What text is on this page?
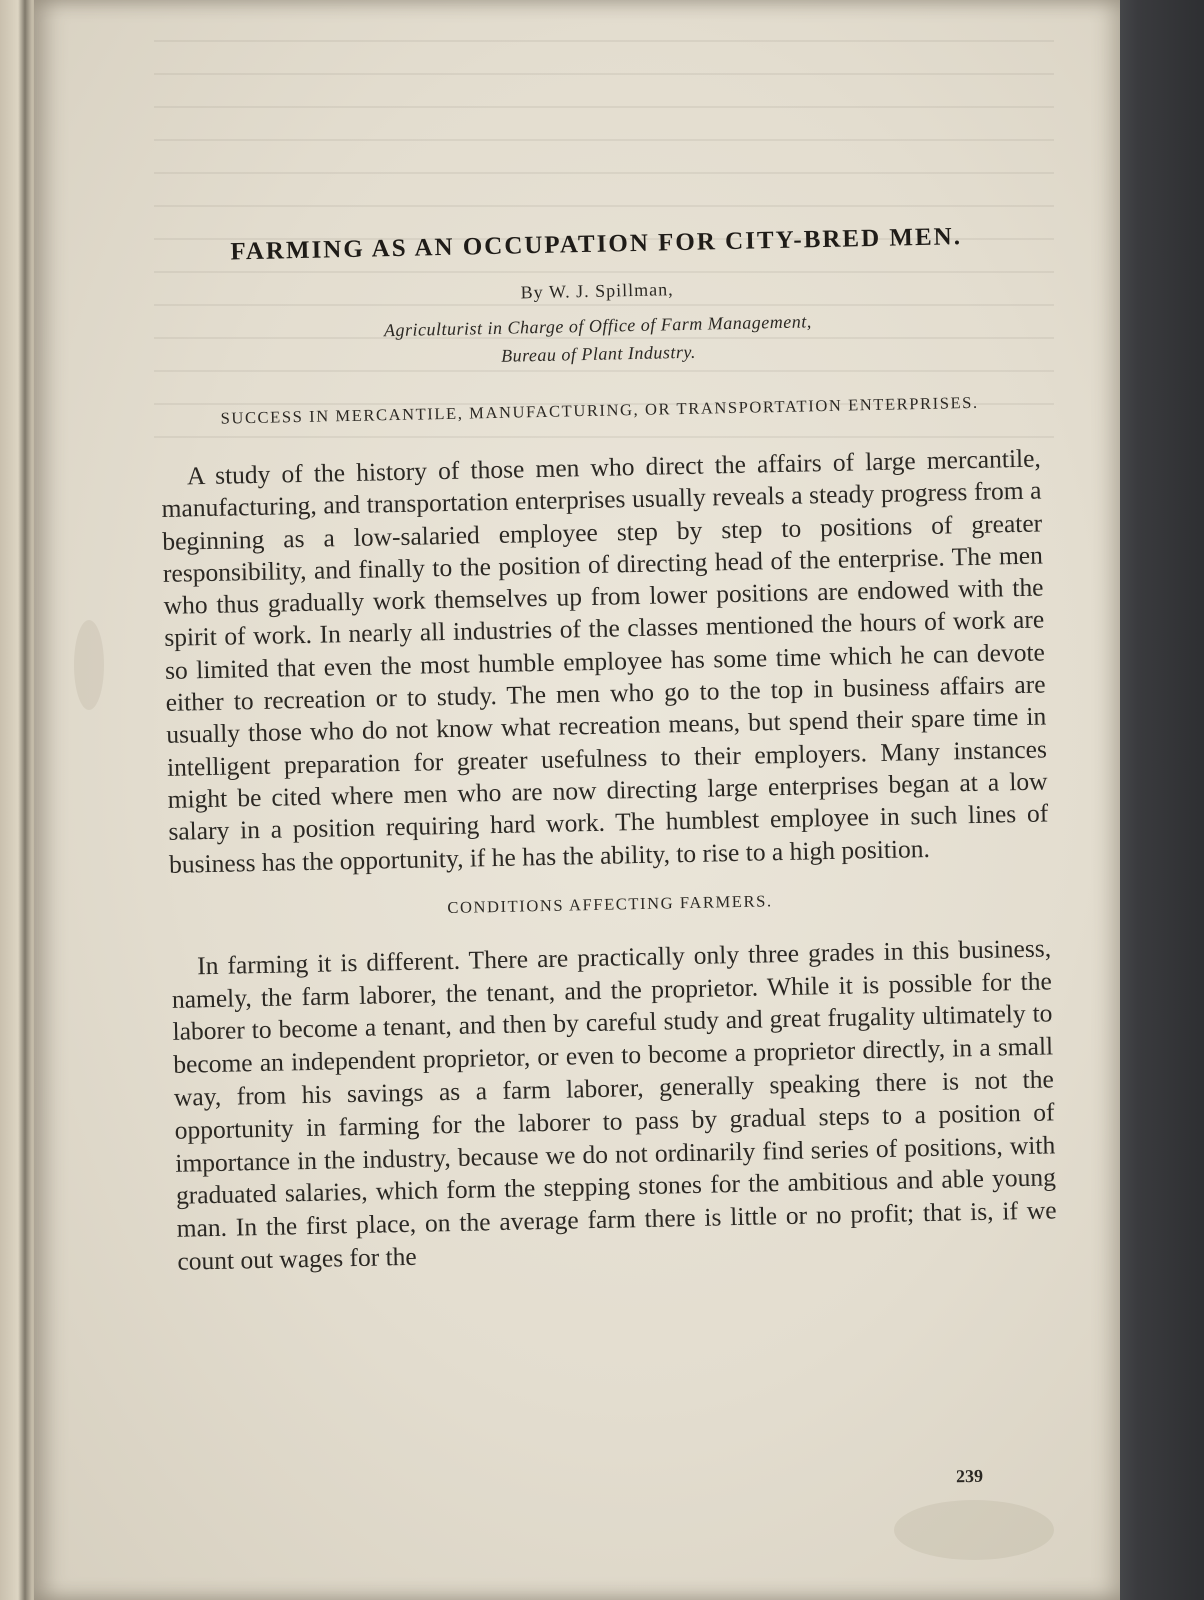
FARMING AS AN OCCUPATION FOR CITY-BRED MEN.
By W. J. Spillman,
Agriculturist in Charge of Office of Farm Management,
Bureau of Plant Industry.
SUCCESS IN MERCANTILE, MANUFACTURING, OR TRANSPORTATION ENTERPRISES.

A study of the history of those men who direct the affairs of large mercantile, manufacturing, and transportation enterprises usually reveals a steady progress from a beginning as a low-salaried employee step by step to positions of greater responsibility, and finally to the position of directing head of the enterprise. The men who thus gradually work themselves up from lower positions are endowed with the spirit of work. In nearly all industries of the classes mentioned the hours of work are so limited that even the most humble employee has some time which he can devote either to recreation or to study. The men who go to the top in business affairs are usually those who do not know what recreation means, but spend their spare time in intelligent preparation for greater usefulness to their employers. Many instances might be cited where men who are now directing large enterprises began at a low salary in a position requiring hard work. The humblest employee in such lines of business has the opportunity, if he has the ability, to rise to a high position.

CONDITIONS AFFECTING FARMERS.

In farming it is different. There are practically only three grades in this business, namely, the farm laborer, the tenant, and the proprietor. While it is possible for the laborer to become a tenant, and then by careful study and great frugality ultimately to become an independent proprietor, or even to become a proprietor directly, in a small way, from his savings as a farm laborer, generally speaking there is not the opportunity in farming for the laborer to pass by gradual steps to a position of importance in the industry, because we do not ordinarily find series of positions, with graduated salaries, which form the stepping stones for the ambitious and able young man. In the first place, on the average farm there is little or no profit; that is, if we count out wages for the

239
